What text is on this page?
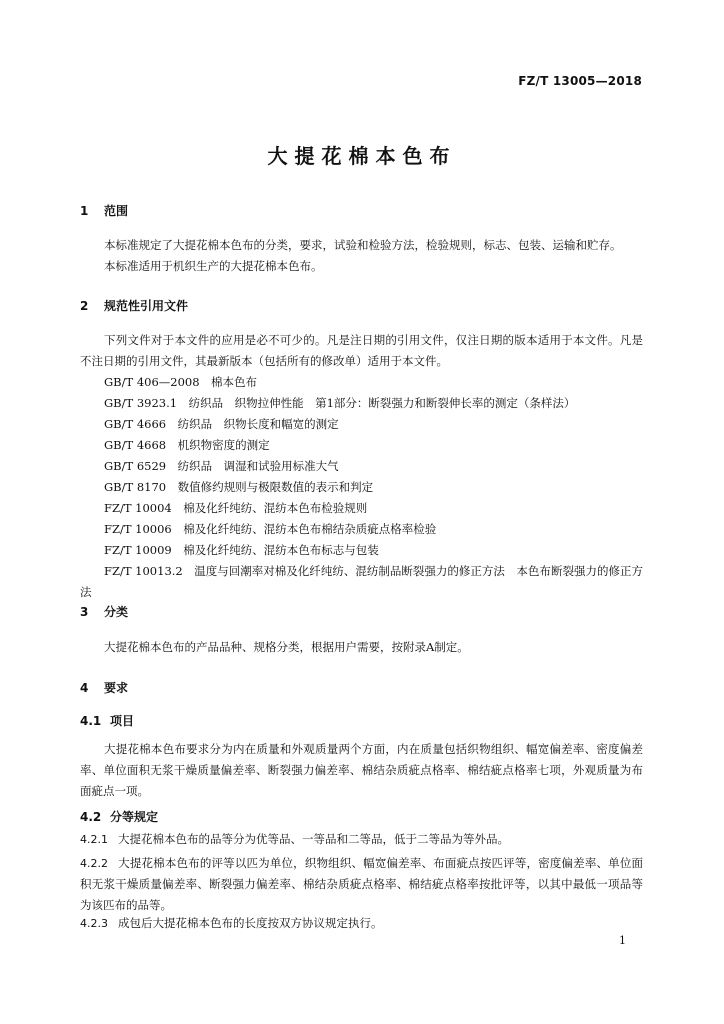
FZ/T 13005—2018
大提花棉本色布
1 范围
本标准规定了大提花棉本色布的分类，要求，试验和检验方法，检验规则，标志、包装、运输和贮存。
本标准适用于机织生产的大提花棉本色布。
2 规范性引用文件
下列文件对于本文件的应用是必不可少的。凡是注日期的引用文件，仅注日期的版本适用于本文件。凡是不注日期的引用文件，其最新版本（包括所有的修改单）适用于本文件。
GB/T 406—2008　棉本色布
GB/T 3923.1　纺织品　织物拉伸性能　第1部分：断裂强力和断裂伸长率的测定（条样法）
GB/T 4666　纺织品　织物长度和幅宽的测定
GB/T 4668　机织物密度的测定
GB/T 6529　纺织品　调湿和试验用标准大气
GB/T 8170　数值修约规则与极限数值的表示和判定
FZ/T 10004　棉及化纤纯纺、混纺本色布检验规则
FZ/T 10006　棉及化纤纯纺、混纺本色布棉结杂质疵点格率检验
FZ/T 10009　棉及化纤纯纺、混纺本色布标志与包装
FZ/T 10013.2　温度与回潮率对棉及化纤纯纺、混纺制品断裂强力的修正方法　本色布断裂强力的修正方法
3 分类
大提花棉本色布的产品品种、规格分类，根据用户需要，按附录A制定。
4 要求
4.1 项目
大提花棉本色布要求分为内在质量和外观质量两个方面，内在质量包括织物组织、幅宽偏差率、密度偏差率、单位面积无浆干燥质量偏差率、断裂强力偏差率、棉结杂质疵点格率、棉结疵点格率七项，外观质量为布面疵点一项。
4.2 分等规定
4.2.1 大提花棉本色布的品等分为优等品、一等品和二等品，低于二等品为等外品。
4.2.2 大提花棉本色布的评等以匹为单位，织物组织、幅宽偏差率、布面疵点按匹评等，密度偏差率、单位面积无浆干燥质量偏差率、断裂强力偏差率、棉结杂质疵点格率、棉结疵点格率按批评等，以其中最低一项品等为该匹布的品等。
4.2.3 成包后大提花棉本色布的长度按双方协议规定执行。
1
